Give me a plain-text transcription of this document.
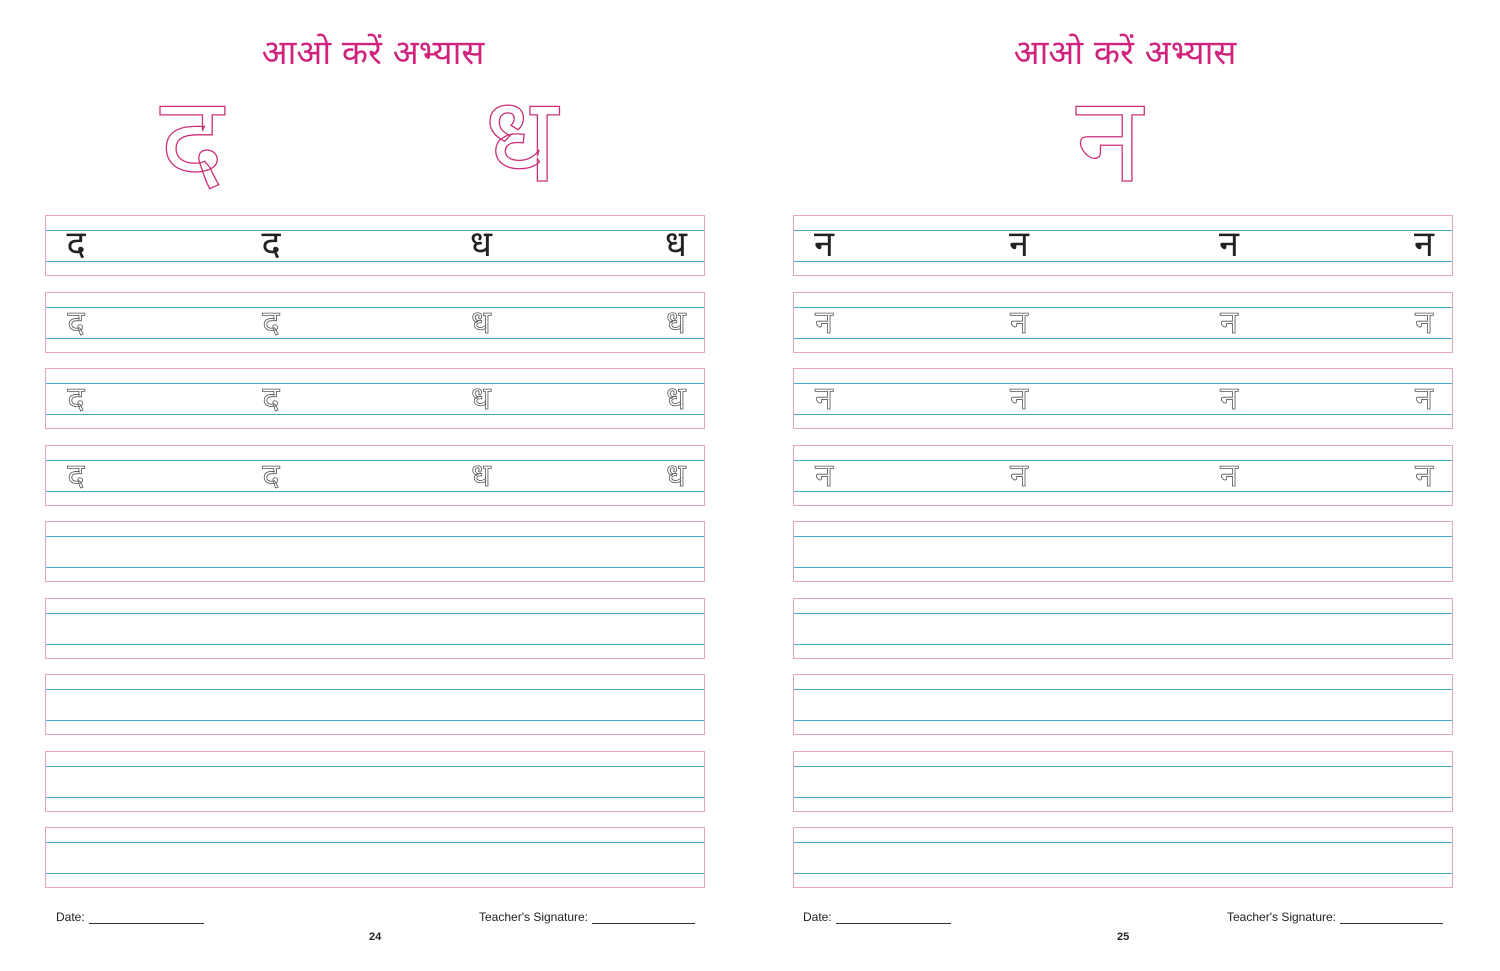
आओ करें अभ्यास
द ध
द	द	ध	ध
द	द	ध	ध
द	द	ध	ध
द	द	ध	ध
Date:	Teacher's Signature:
24
आओ करें अभ्यास
न
न	न	न	न
न	न	न	न
न	न	न	न
न	न	न	न
Date:	Teacher's Signature:
25
